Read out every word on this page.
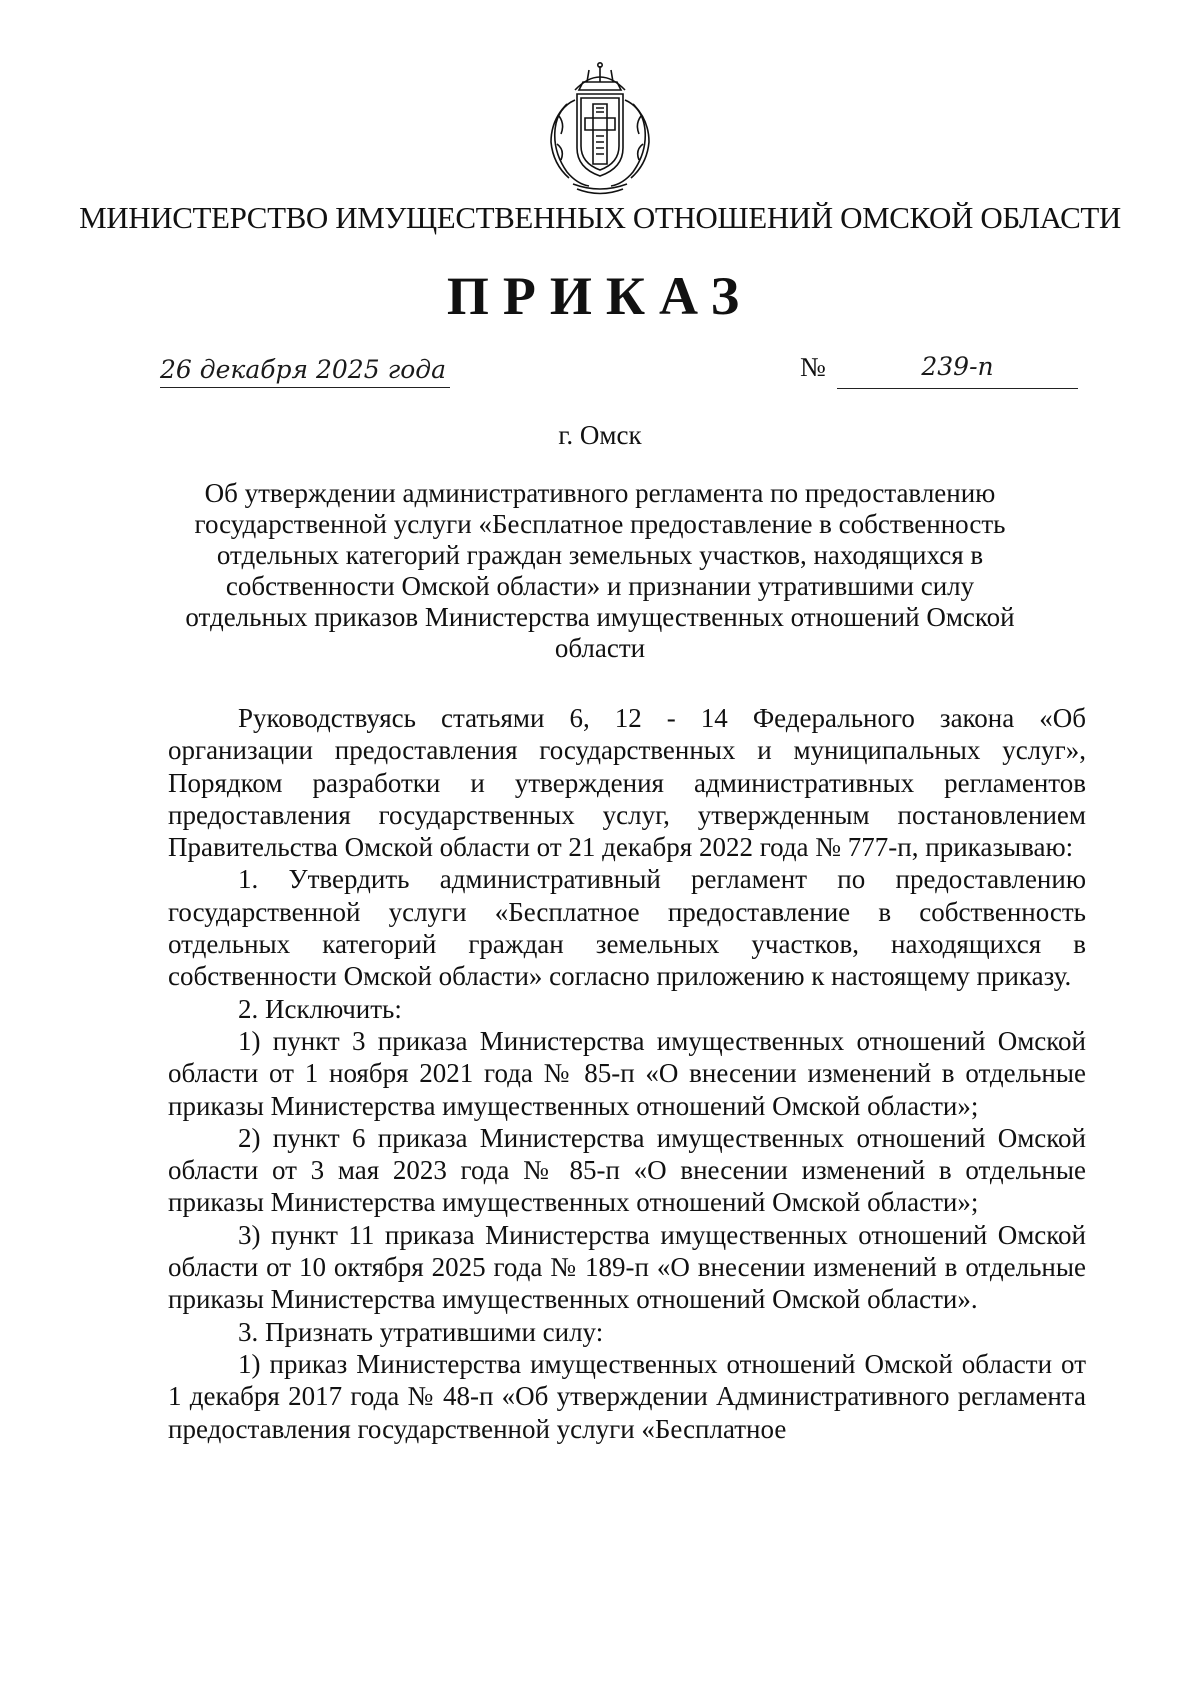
МИНИСТЕРСТВО ИМУЩЕСТВЕННЫХ ОТНОШЕНИЙ ОМСКОЙ ОБЛАСТИ
ПРИКАЗ
26 декабря 2025 года	№	239-п
г. Омск
Об утверждении административного регламента по предоставлению государственной услуги «Бесплатное предоставление в собственность отдельных категорий граждан земельных участков, находящихся в собственности Омской области» и признании утратившими силу отдельных приказов Министерства имущественных отношений Омской области

Руководствуясь статьями 6, 12 - 14 Федерального закона «Об организации предоставления государственных и муниципальных услуг», Порядком разработки и утверждения административных регламентов предоставления государственных услуг, утвержденным постановлением Правительства Омской области от 21 декабря 2022 года № 777-п, приказываю:

1. Утвердить административный регламент по предоставлению государственной услуги «Бесплатное предоставление в собственность отдельных категорий граждан земельных участков, находящихся в собственности Омской области» согласно приложению к настоящему приказу.

2. Исключить:

1) пункт 3 приказа Министерства имущественных отношений Омской области от 1 ноября 2021 года № 85-п «О внесении изменений в отдельные приказы Министерства имущественных отношений Омской области»;

2) пункт 6 приказа Министерства имущественных отношений Омской области от 3 мая 2023 года № 85-п «О внесении изменений в отдельные приказы Министерства имущественных отношений Омской области»;

3) пункт 11 приказа Министерства имущественных отношений Омской области от 10 октября 2025 года № 189-п «О внесении изменений в отдельные приказы Министерства имущественных отношений Омской области».

3. Признать утратившими силу:

1) приказ Министерства имущественных отношений Омской области от 1 декабря 2017 года № 48-п «Об утверждении Административного регламента предоставления государственной услуги «Бесплатное
